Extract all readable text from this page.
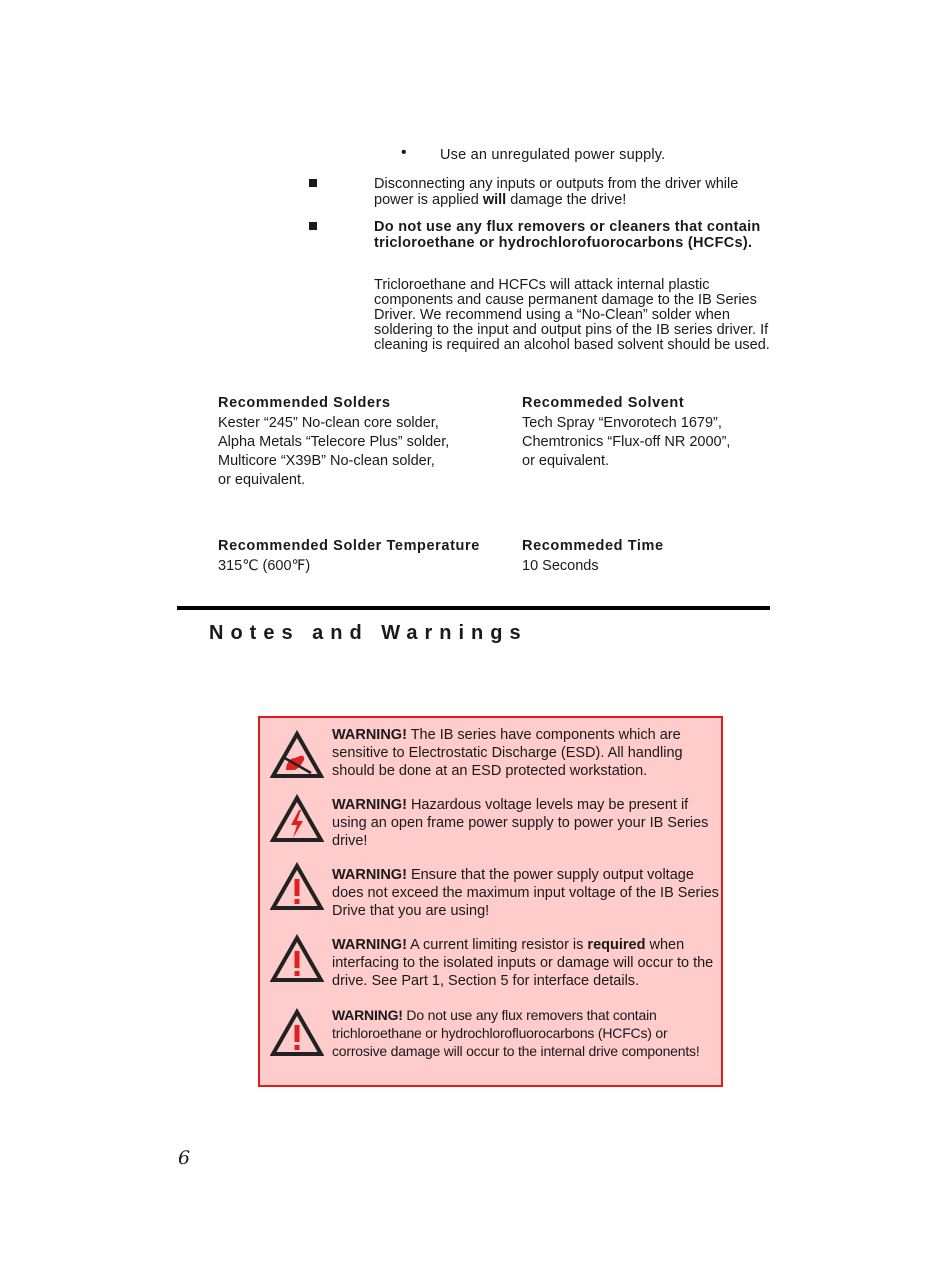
• Use an unregulated power supply.
Disconnecting any inputs or outputs from the driver while power is applied will damage the drive!
Do not use any flux removers or cleaners that contain tricloroethane or hydrochlorofuorocarbons (HCFCs).
Tricloroethane and HCFCs will attack internal plastic components and cause permanent damage to the IB Series Driver. We recommend using a “No-Clean” solder when soldering to the input and output pins of the IB series driver. If cleaning is required an alcohol based solvent should be used.
Recommended Solders
Kester “245” No-clean core solder,
Alpha Metals “Telecore Plus” solder,
Multicore “X39B” No-clean solder,
or equivalent.
Recommeded Solvent
Tech Spray “Envorotech 1679”,
Chemtronics “Flux-off NR 2000”,
or equivalent.
Recommended Solder Temperature
315℃ (600℉)
Recommeded Time
10 Seconds
Notes and Warnings
WARNING! The IB series have components which are sensitive to Electrostatic Discharge (ESD). All handling should be done at an ESD protected workstation.
WARNING! Hazardous voltage levels may be present if using an open frame power supply to power your IB Series drive!
WARNING! Ensure that the power supply output voltage does not exceed the maximum input voltage of the IB Series Drive that you are using!
WARNING! A current limiting resistor is required when interfacing to the isolated inputs or damage will occur to the drive. See Part 1, Section 5 for interface details.
WARNING! Do not use any flux removers that contain trichloroethane or hydrochlorofluorocarbons (HCFCs) or corrosive damage will occur to the internal drive components!
6
